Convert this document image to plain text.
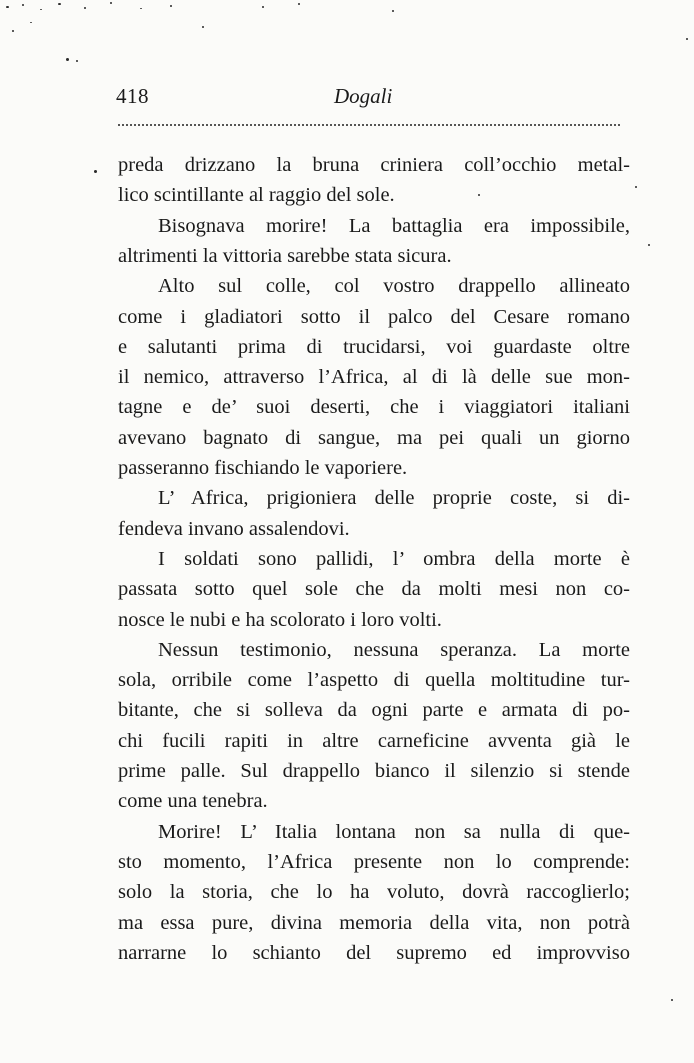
418	Dogali
preda drizzano la bruna criniera coll’occhio metal-
lico scintillante al raggio del sole.
Bisognava morire! La battaglia era impossibile,
altrimenti la vittoria sarebbe stata sicura.
Alto sul colle, col vostro drappello allineato
come i gladiatori sotto il palco del Cesare romano
e salutanti prima di trucidarsi, voi guardaste oltre
il nemico, attraverso l’Africa, al di là delle sue mon-
tagne e de’ suoi deserti, che i viaggiatori italiani
avevano bagnato di sangue, ma pei quali un giorno
passeranno fischiando le vaporiere.
L’ Africa, prigioniera delle proprie coste, si di-
fendeva invano assalendovi.
I soldati sono pallidi, l’ ombra della morte è
passata sotto quel sole che da molti mesi non co-
nosce le nubi e ha scolorato i loro volti.
Nessun testimonio, nessuna speranza. La morte
sola, orribile come l’aspetto di quella moltitudine tur-
bitante, che si solleva da ogni parte e armata di po-
chi fucili rapiti in altre carneficine avventa già le
prime palle. Sul drappello bianco il silenzio si stende
come una tenebra.
Morire! L’ Italia lontana non sa nulla di que-
sto momento, l’Africa presente non lo comprende:
solo la storia, che lo ha voluto, dovrà raccoglierlo;
ma essa pure, divina memoria della vita, non potrà
narrarne lo schianto del supremo ed improvviso
